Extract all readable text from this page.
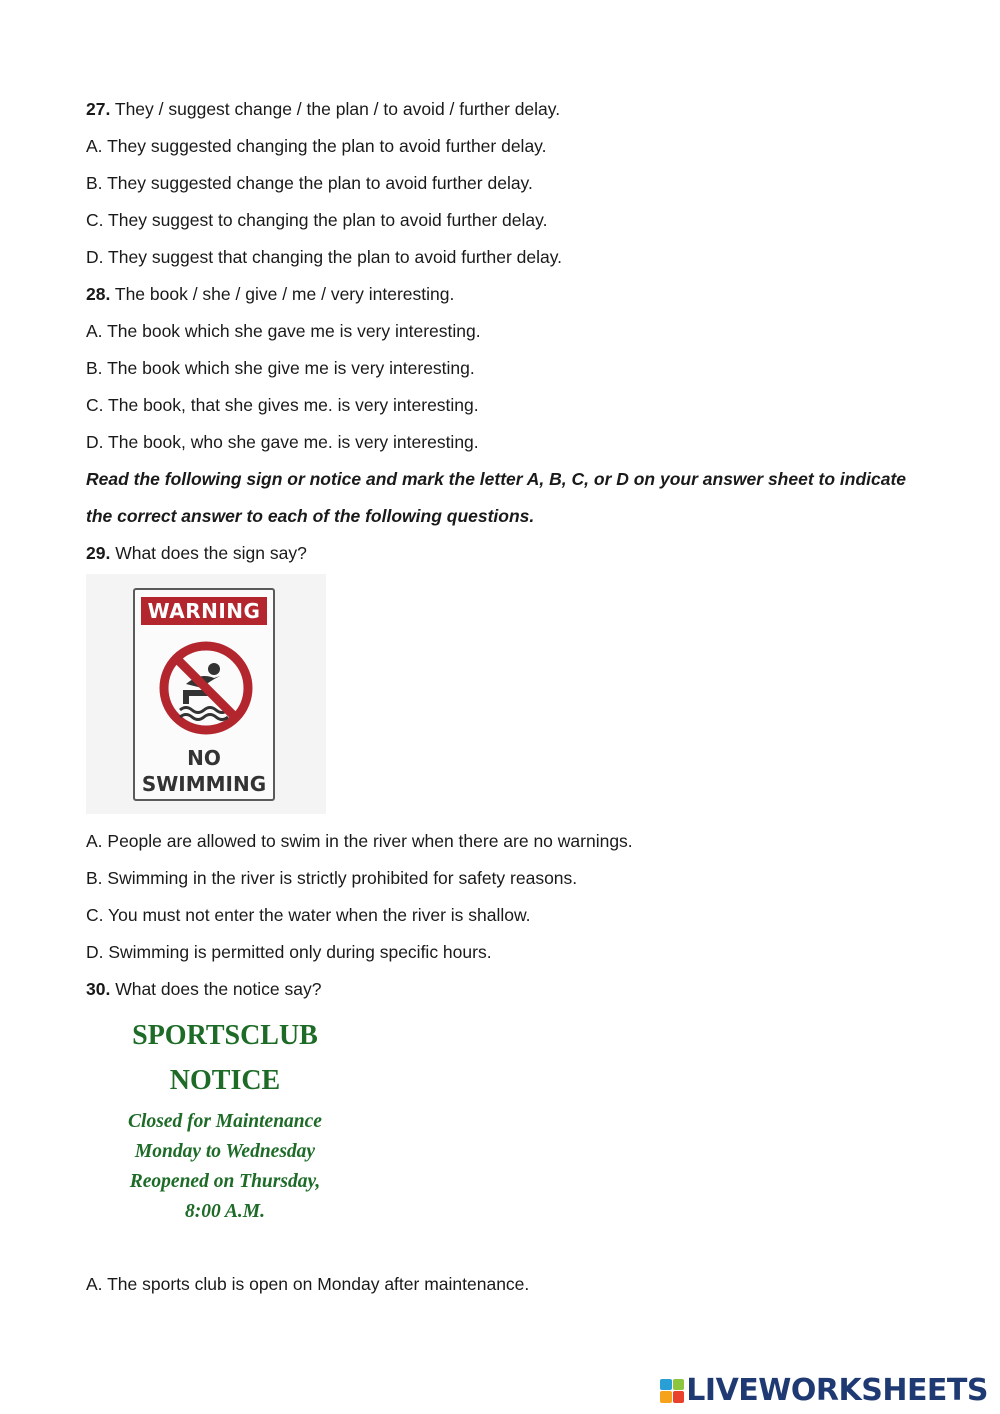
27. They / suggest change / the plan / to avoid / further delay.
A. They suggested changing the plan to avoid further delay.
B. They suggested change the plan to avoid further delay.
C. They suggest to changing the plan to avoid further delay.
D. They suggest that changing the plan to avoid further delay.
28. The book / she / give / me / very interesting.
A. The book which she gave me is very interesting.
B. The book which she give me is very interesting.
C. The book, that she gives me. is very interesting.
D. The book, who she gave me. is very interesting.
Read the following sign or notice and mark the letter A, B, C, or D on your answer sheet to indicate
the correct answer to each of the following questions.
29. What does the sign say?
WARNING
NO
SWIMMING
A. People are allowed to swim in the river when there are no warnings.
B. Swimming in the river is strictly prohibited for safety reasons.
C. You must not enter the water when the river is shallow.
D. Swimming is permitted only during specific hours.
30. What does the notice say?
SPORTSCLUB
NOTICE
Closed for Maintenance
Monday to Wednesday
Reopened on Thursday,
8:00 A.M.
A. The sports club is open on Monday after maintenance.
LIVEWORKSHEETS
